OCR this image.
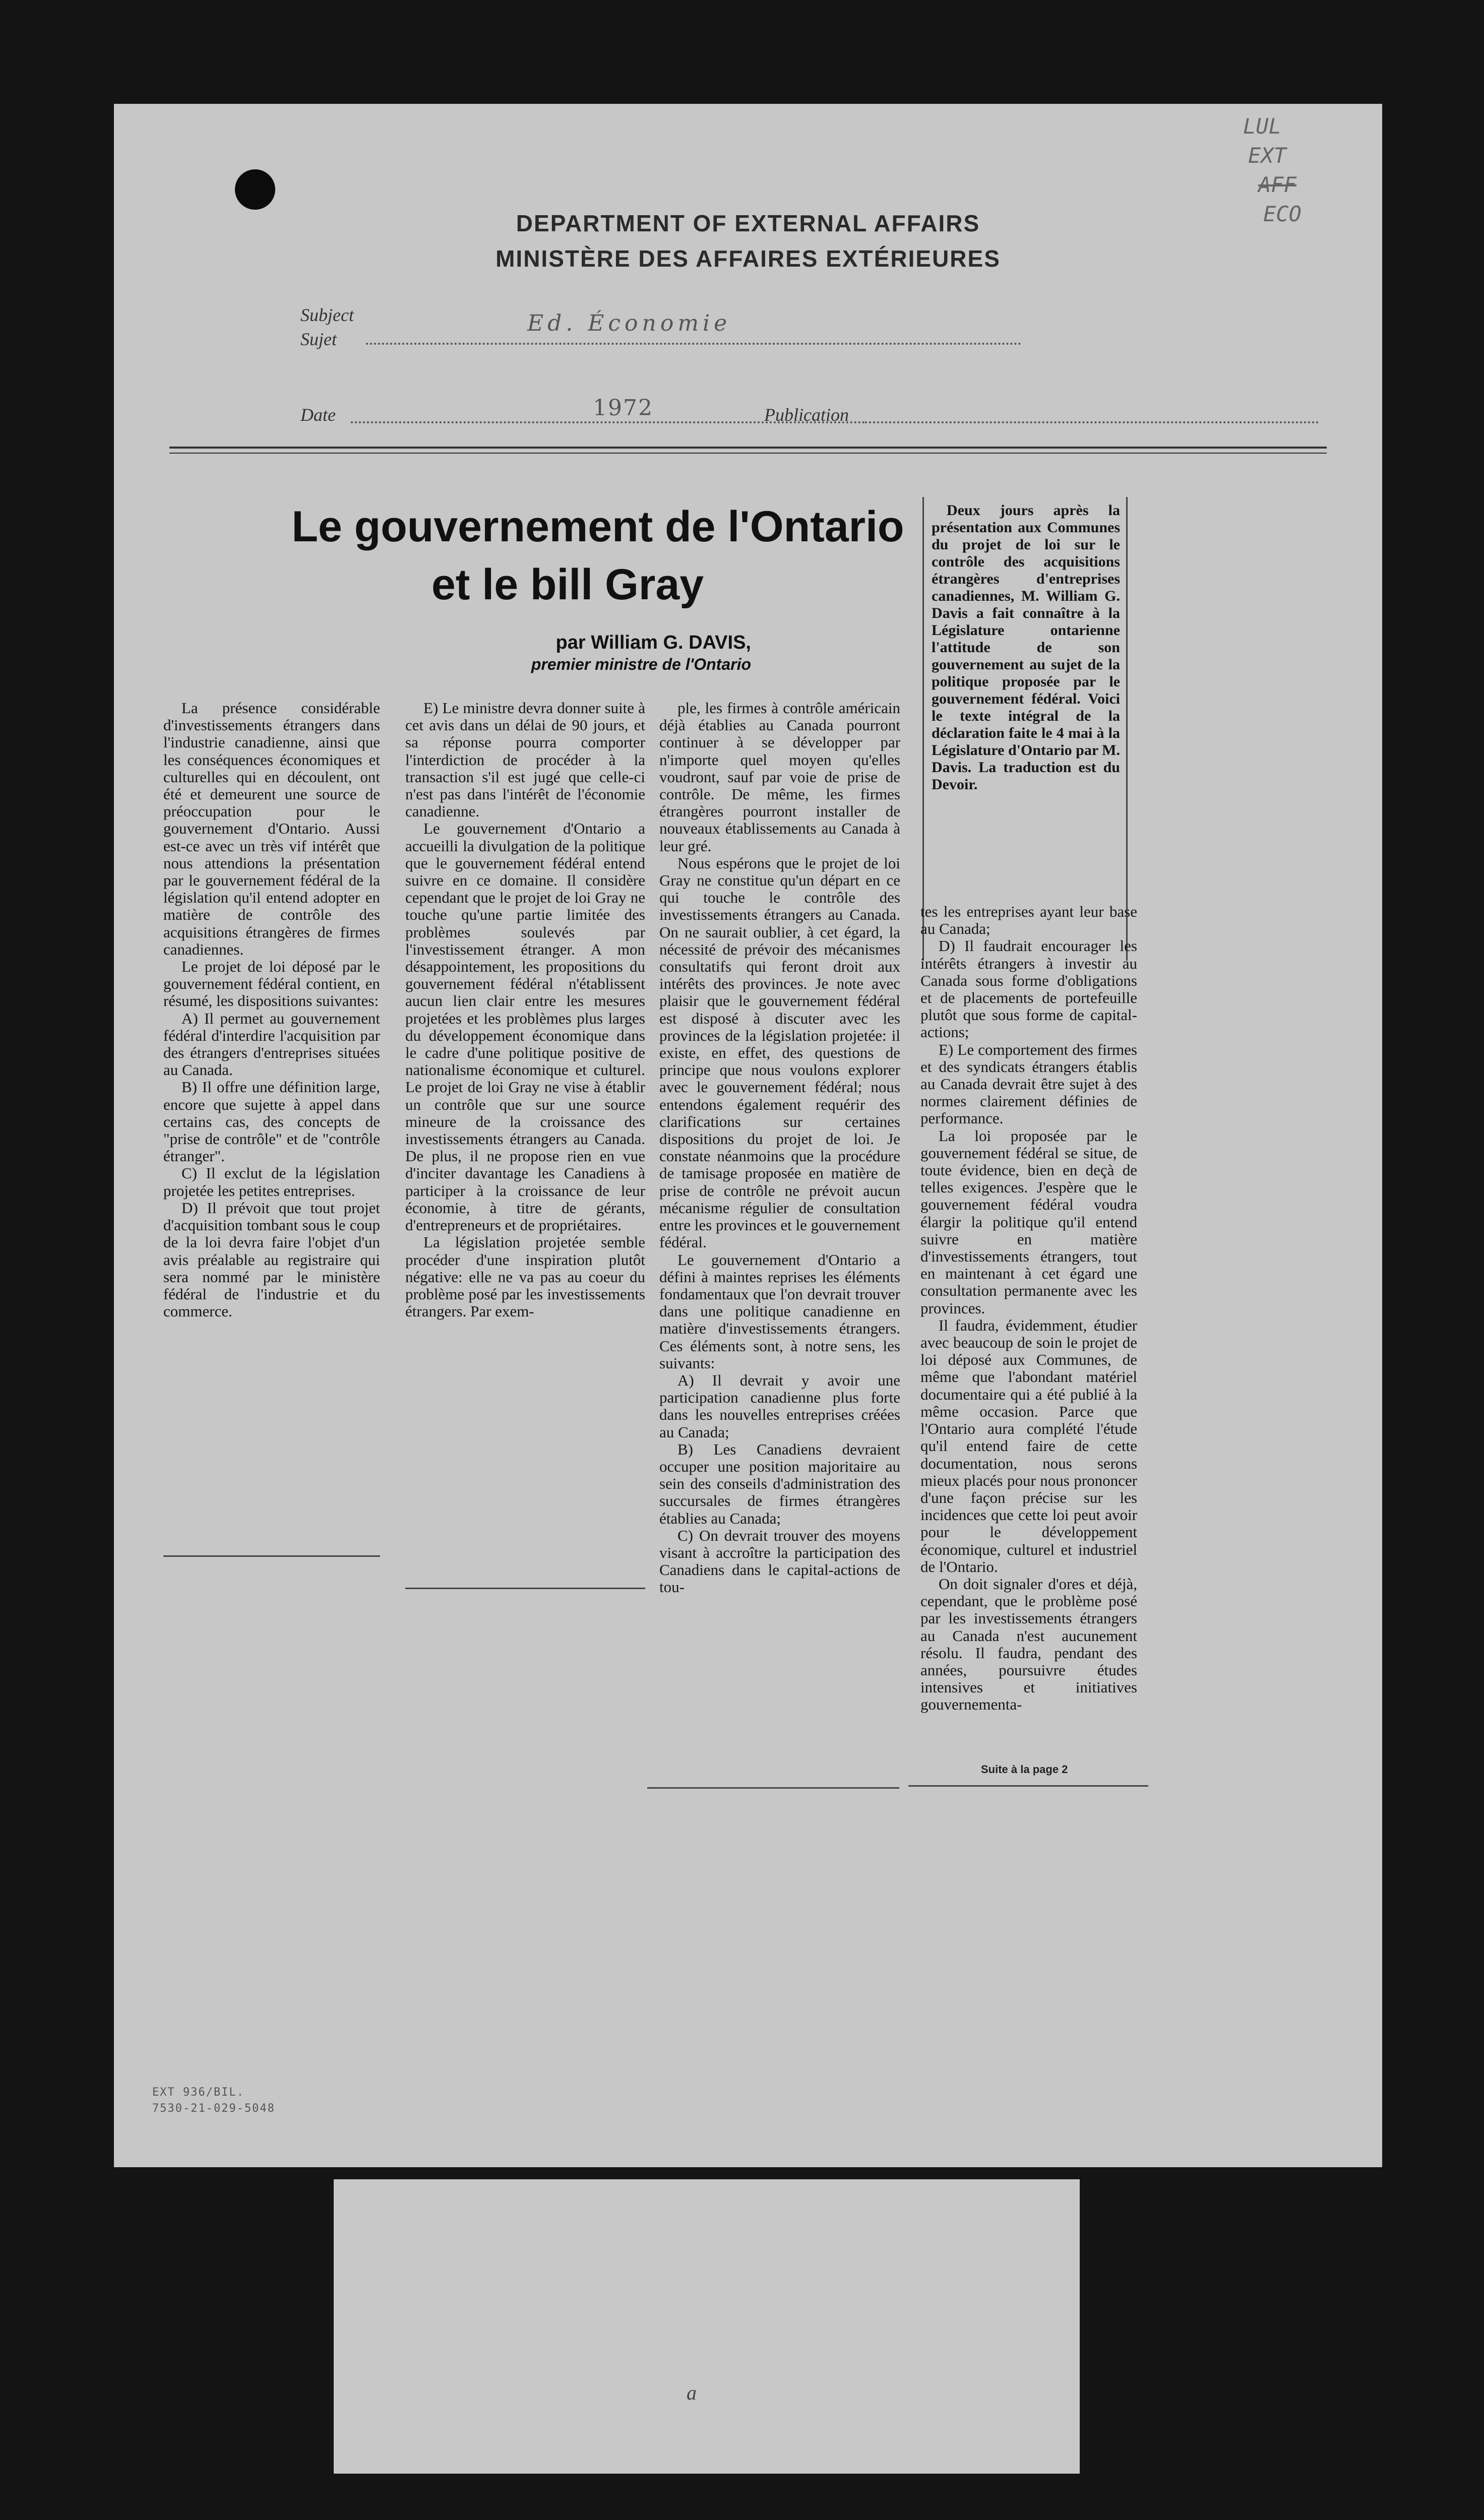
DEPARTMENT OF EXTERNAL AFFAIRS
MINISTÈRE DES AFFAIRES EXTÉRIEURES
LUL
EXT
AFF
ECO
Subject
Sujet
Ed. Économie
Date	1972	Publication
Le gouvernement de l'Ontario
et le bill Gray
par William G. DAVIS,
premier ministre de l'Ontario

Deux jours après la présentation aux Communes du projet de loi sur le contrôle des acquisitions étrangères d'entreprises canadiennes, M. William G. Davis a fait connaître à la Législature ontarienne l'attitude de son gouvernement au sujet de la politique proposée par le gouvernement fédéral. Voici le texte intégral de la déclaration faite le 4 mai à la Législature d'Ontario par M. Davis. La traduction est du Devoir.

La présence considérable d'investissements étrangers dans l'industrie canadienne, ainsi que les conséquences économiques et culturelles qui en découlent, ont été et demeurent une source de préoccupation pour le gouvernement d'Ontario. Aussi est-ce avec un très vif intérêt que nous attendions la présentation par le gouvernement fédéral de la législation qu'il entend adopter en matière de contrôle des acquisitions étrangères de firmes canadiennes.

Le projet de loi déposé par le gouvernement fédéral contient, en résumé, les dispositions suivantes:

A) Il permet au gouvernement fédéral d'interdire l'acquisition par des étrangers d'entreprises situées au Canada.

B) Il offre une définition large, encore que sujette à appel dans certains cas, des concepts de "prise de contrôle" et de "contrôle étranger".

C) Il exclut de la législation projetée les petites entreprises.

D) Il prévoit que tout projet d'acquisition tombant sous le coup de la loi devra faire l'objet d'un avis préalable au registraire qui sera nommé par le ministère fédéral de l'industrie et du commerce.

E) Le ministre devra donner suite à cet avis dans un délai de 90 jours, et sa réponse pourra comporter l'interdiction de procéder à la transaction s'il est jugé que celle-ci n'est pas dans l'intérêt de l'économie canadienne.

Le gouvernement d'Ontario a accueilli la divulgation de la politique que le gouvernement fédéral entend suivre en ce domaine. Il considère cependant que le projet de loi Gray ne touche qu'une partie limitée des problèmes soulevés par l'investissement étranger. A mon désappointement, les propositions du gouvernement fédéral n'établissent aucun lien clair entre les mesures projetées et les problèmes plus larges du développement économique dans le cadre d'une politique positive de nationalisme économique et culturel. Le projet de loi Gray ne vise à établir un contrôle que sur une source mineure de la croissance des investissements étrangers au Canada. De plus, il ne propose rien en vue d'inciter davantage les Canadiens à participer à la croissance de leur économie, à titre de gérants, d'entrepreneurs et de propriétaires.

La législation projetée semble procéder d'une inspiration plutôt négative: elle ne va pas au coeur du problème posé par les investissements étrangers. Par exem-

ple, les firmes à contrôle américain déjà établies au Canada pourront continuer à se développer par n'importe quel moyen qu'elles voudront, sauf par voie de prise de contrôle. De même, les firmes étrangères pourront installer de nouveaux établissements au Canada à leur gré.

Nous espérons que le projet de loi Gray ne constitue qu'un départ en ce qui touche le contrôle des investissements étrangers au Canada. On ne saurait oublier, à cet égard, la nécessité de prévoir des mécanismes consultatifs qui feront droit aux intérêts des provinces. Je note avec plaisir que le gouvernement fédéral est disposé à discuter avec les provinces de la législation projetée: il existe, en effet, des questions de principe que nous voulons explorer avec le gouvernement fédéral; nous entendons également requérir des clarifications sur certaines dispositions du projet de loi. Je constate néanmoins que la procédure de tamisage proposée en matière de prise de contrôle ne prévoit aucun mécanisme régulier de consultation entre les provinces et le gouvernement fédéral.

Le gouvernement d'Ontario a défini à maintes reprises les éléments fondamentaux que l'on devrait trouver dans une politique canadienne en matière d'investissements étrangers. Ces éléments sont, à notre sens, les suivants:

A) Il devrait y avoir une participation canadienne plus forte dans les nouvelles entreprises créées au Canada;

B) Les Canadiens devraient occuper une position majoritaire au sein des conseils d'administration des succursales de firmes étrangères établies au Canada;

C) On devrait trouver des moyens visant à accroître la participation des Canadiens dans le capital-actions de tou-

tes les entreprises ayant leur base au Canada;

D) Il faudrait encourager les intérêts étrangers à investir au Canada sous forme d'obligations et de placements de portefeuille plutôt que sous forme de capital-actions;

E) Le comportement des firmes et des syndicats étrangers établis au Canada devrait être sujet à des normes clairement définies de performance.

La loi proposée par le gouvernement fédéral se situe, de toute évidence, bien en deçà de telles exigences. J'espère que le gouvernement fédéral voudra élargir la politique qu'il entend suivre en matière d'investissements étrangers, tout en maintenant à cet égard une consultation permanente avec les provinces.

Il faudra, évidemment, étudier avec beaucoup de soin le projet de loi déposé aux Communes, de même que l'abondant matériel documentaire qui a été publié à la même occasion. Parce que l'Ontario aura complété l'étude qu'il entend faire de cette documentation, nous serons mieux placés pour nous prononcer d'une façon précise sur les incidences que cette loi peut avoir pour le développement économique, culturel et industriel de l'Ontario.

On doit signaler d'ores et déjà, cependant, que le problème posé par les investissements étrangers au Canada n'est aucunement résolu. Il faudra, pendant des années, poursuivre études intensives et initiatives gouvernementa-

Suite à la page 2
EXT 936/BIL.
7530-21-029-5048
a
